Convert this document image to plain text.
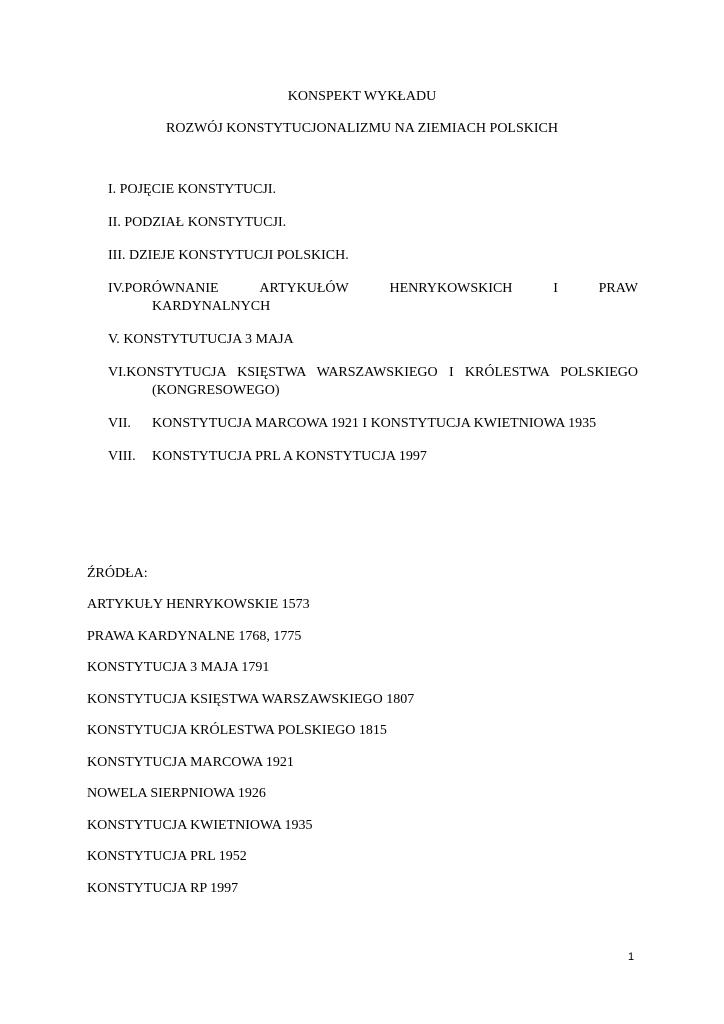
KONSPEKT WYKŁADU
ROZWÓJ KONSTYTUCJONALIZMU NA ZIEMIACH POLSKICH
I. POJĘCIE KONSTYTUCJI.
II. PODZIAŁ KONSTYTUCJI.
III. DZIEJE KONSTYTUCJI POLSKICH.
IV.PORÓWNANIE	ARTYKUŁÓW	HENRYKOWSKICH	I	PRAW
KARDYNALNYCH
V. KONSTYTUTUCJA 3 MAJA
VI.KONSTYTUCJA KSIĘSTWA WARSZAWSKIEGO I KRÓLESTWA POLSKIEGO
(KONGRESOWEGO)
VII. KONSTYTUCJA MARCOWA 1921 I KONSTYTUCJA KWIETNIOWA 1935
VIII. KONSTYTUCJA PRL A KONSTYTUCJA 1997
ŹRÓDŁA:
ARTYKUŁY HENRYKOWSKIE 1573
PRAWA KARDYNALNE 1768, 1775
KONSTYTUCJA 3 MAJA 1791
KONSTYTUCJA KSIĘSTWA WARSZAWSKIEGO 1807
KONSTYTUCJA KRÓLESTWA POLSKIEGO 1815
KONSTYTUCJA MARCOWA 1921
NOWELA SIERPNIOWA 1926
KONSTYTUCJA KWIETNIOWA 1935
KONSTYTUCJA PRL 1952
KONSTYTUCJA RP 1997
1
